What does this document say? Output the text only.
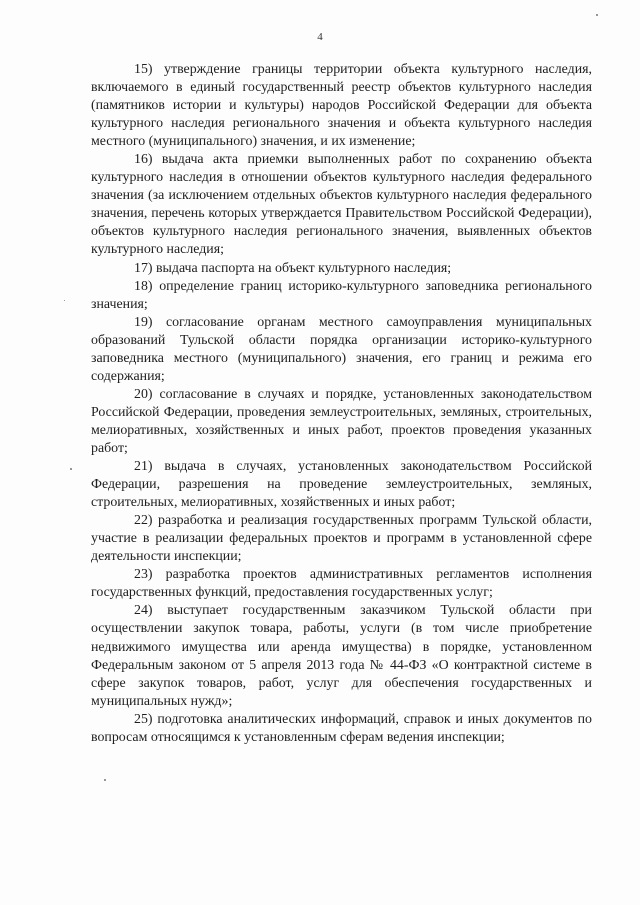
4

15) утверждение границы территории объекта культурного наследия, включаемого в единый государственный реестр объектов культурного наследия (памятников истории и культуры) народов Российской Федерации для объекта культурного наследия регионального значения и объекта культурного наследия местного (муниципального) значения, и их изменение;

16) выдача акта приемки выполненных работ по сохранению объекта культурного наследия в отношении объектов культурного наследия федерального значения (за исключением отдельных объектов культурного наследия федерального значения, перечень которых утверждается Правительством Российской Федерации), объектов культурного наследия регионального значения, выявленных объектов культурного наследия;

17) выдача паспорта на объект культурного наследия;

18) определение границ историко-культурного заповедника регионального значения;

19) согласование органам местного самоуправления муниципальных образований Тульской области порядка организации историко-культурного заповедника местного (муниципального) значения, его границ и режима его содержания;

20) согласование в случаях и порядке, установленных законодательством Российской Федерации, проведения землеустроительных, земляных, строительных, мелиоративных, хозяйственных и иных работ, проектов проведения указанных работ;

21) выдача в случаях, установленных законодательством Российской Федерации, разрешения на проведение землеустроительных, земляных, строительных, мелиоративных, хозяйственных и иных работ;

22) разработка и реализация государственных программ Тульской области, участие в реализации федеральных проектов и программ в установленной сфере деятельности инспекции;

23) разработка проектов административных регламентов исполнения государственных функций, предоставления государственных услуг;

24) выступает государственным заказчиком Тульской области при осуществлении закупок товара, работы, услуги (в том числе приобретение недвижимого имущества или аренда имущества) в порядке, установленном Федеральным законом от 5 апреля 2013 года № 44-ФЗ «О контрактной системе в сфере закупок товаров, работ, услуг для обеспечения государственных и муниципальных нужд»;

25) подготовка аналитических информаций, справок и иных документов по вопросам относящимся к установленным сферам ведения инспекции;
